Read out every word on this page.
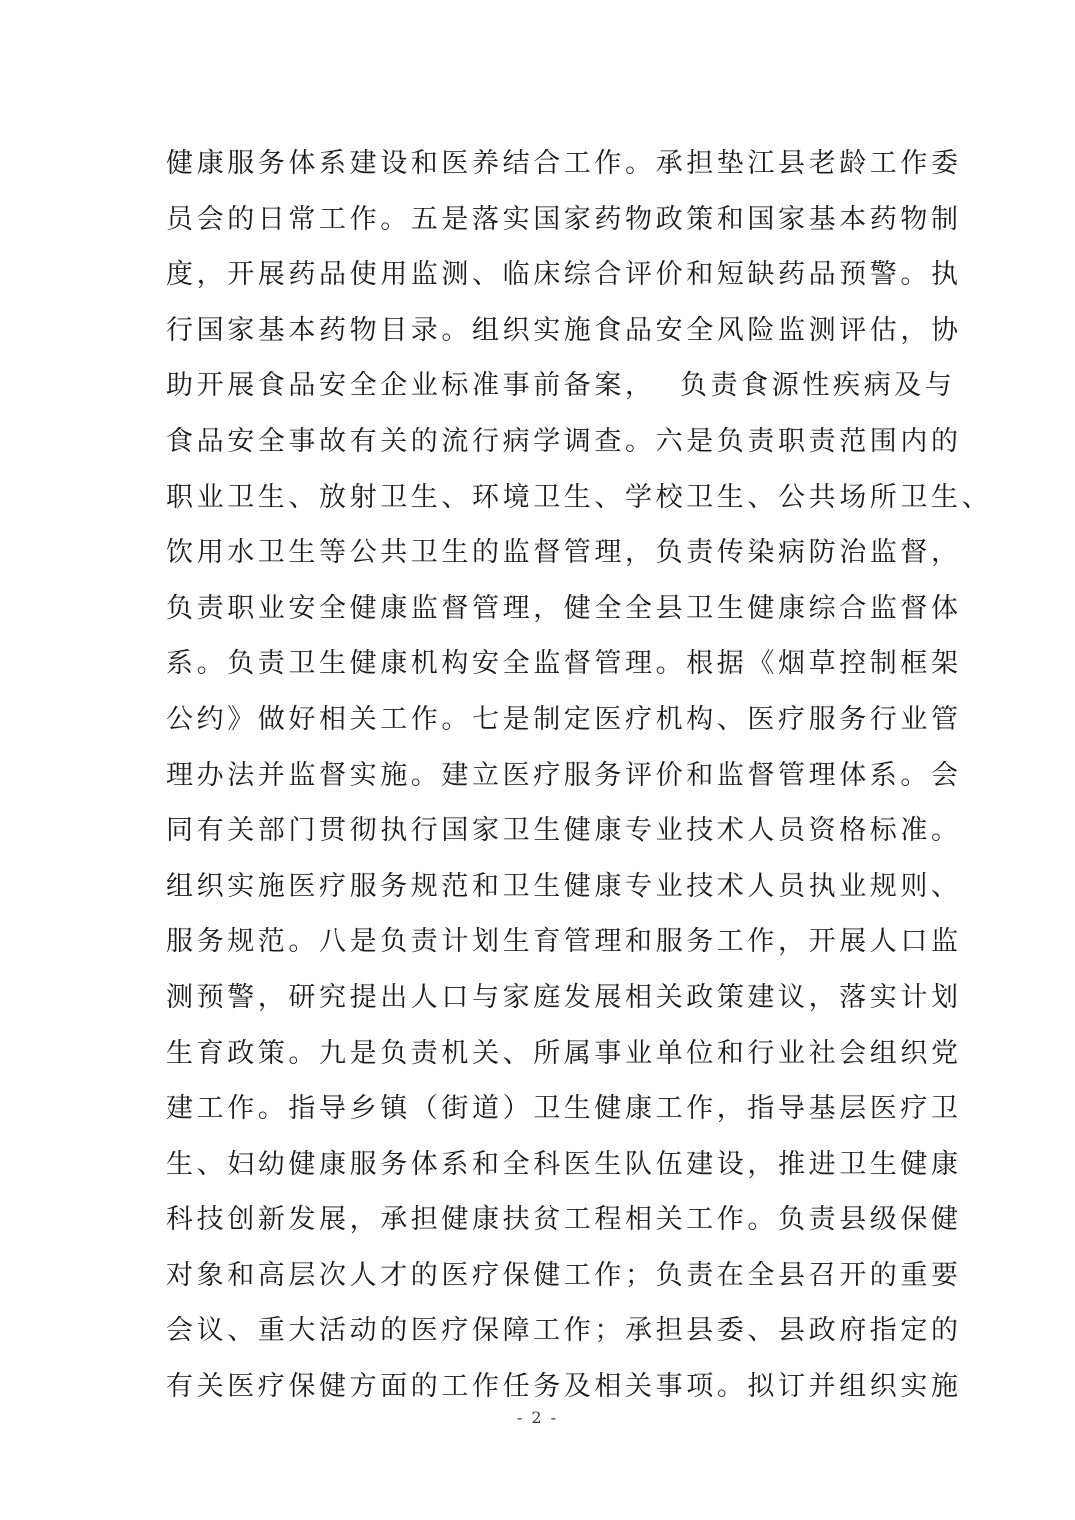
健康服务体系建设和医养结合工作。承担垫江县老龄工作委
员会的日常工作。五是落实国家药物政策和国家基本药物制
度，开展药品使用监测、临床综合评价和短缺药品预警。执
行国家基本药物目录。组织实施食品安全风险监测评估，协
助开展食品安全企业标准事前备案，  负责食源性疾病及与
食品安全事故有关的流行病学调查。六是负责职责范围内的
职业卫生、放射卫生、环境卫生、学校卫生、公共场所卫生、
饮用水卫生等公共卫生的监督管理，负责传染病防治监督，
负责职业安全健康监督管理，健全全县卫生健康综合监督体
系。负责卫生健康机构安全监督管理。根据《烟草控制框架
公约》做好相关工作。七是制定医疗机构、医疗服务行业管
理办法并监督实施。建立医疗服务评价和监督管理体系。会
同有关部门贯彻执行国家卫生健康专业技术人员资格标准。
组织实施医疗服务规范和卫生健康专业技术人员执业规则、
服务规范。八是负责计划生育管理和服务工作，开展人口监
测预警，研究提出人口与家庭发展相关政策建议，落实计划
生育政策。九是负责机关、所属事业单位和行业社会组织党
建工作。指导乡镇（街道）卫生健康工作，指导基层医疗卫
生、妇幼健康服务体系和全科医生队伍建设，推进卫生健康
科技创新发展，承担健康扶贫工程相关工作。负责县级保健
对象和高层次人才的医疗保健工作；负责在全县召开的重要
会议、重大活动的医疗保障工作；承担县委、县政府指定的
有关医疗保健方面的工作任务及相关事项。拟订并组织实施
- 2 -
